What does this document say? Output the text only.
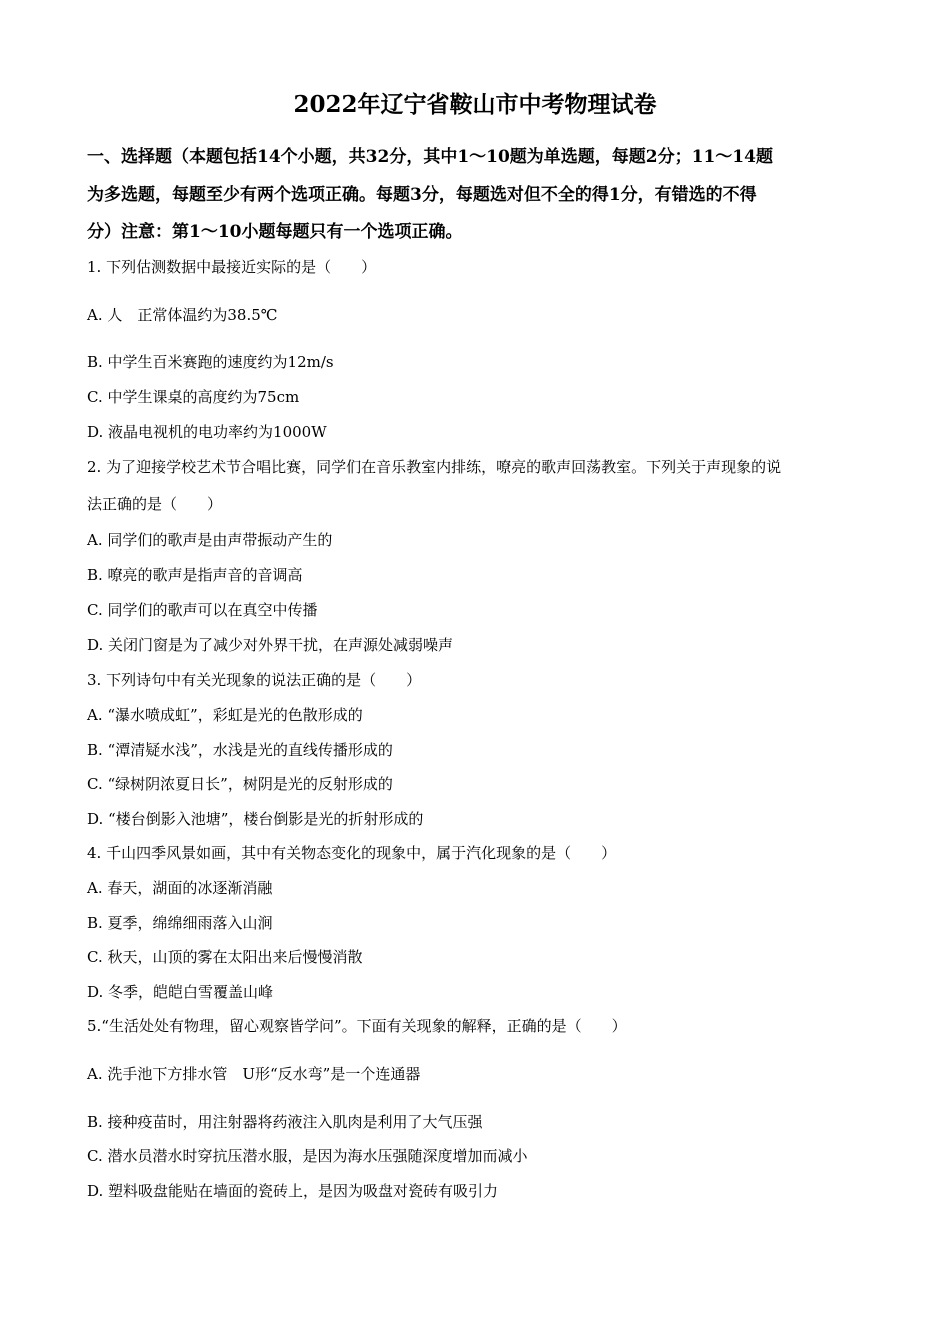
2022年辽宁省鞍山市中考物理试卷
一、选择题（本题包括14个小题，共32分，其中1～10题为单选题，每题2分；11～14题
为多选题，每题至少有两个选项正确。每题3分，每题选对但不全的得1分，有错选的不得
分）注意：第1～10小题每题只有一个选项正确。
1. 下列估测数据中最接近实际的是（　　）
A. 人　正常体温约为38.5℃
B. 中学生百米赛跑的速度约为12m/s
C. 中学生课桌的高度约为75cm
D. 液晶电视机的电功率约为1000W
2. 为了迎接学校艺术节合唱比赛，同学们在音乐教室内排练，嘹亮的歌声回荡教室。下列关于声现象的说
法正确的是（　　）
A. 同学们的歌声是由声带振动产生的
B. 嘹亮的歌声是指声音的音调高
C. 同学们的歌声可以在真空中传播
D. 关闭门窗是为了减少对外界干扰，在声源处减弱噪声
3. 下列诗句中有关光现象的说法正确的是（　　）
A. “瀑水喷成虹”，彩虹是光的色散形成的
B. “潭清疑水浅”，水浅是光的直线传播形成的
C. “绿树阴浓夏日长”，树阴是光的反射形成的
D. “楼台倒影入池塘”，楼台倒影是光的折射形成的
4. 千山四季风景如画，其中有关物态变化的现象中，属于汽化现象的是（　　）
A. 春天，湖面的冰逐渐消融
B. 夏季，绵绵细雨落入山涧
C. 秋天，山顶的雾在太阳出来后慢慢消散
D. 冬季，皑皑白雪覆盖山峰
5.“生活处处有物理，留心观察皆学问”。下面有关现象的解释，正确的是（　　）
A. 洗手池下方排水管　U形“反水弯”是一个连通器
B. 接种疫苗时，用注射器将药液注入肌肉是利用了大气压强
C. 潜水员潜水时穿抗压潜水服，是因为海水压强随深度增加而减小
D. 塑料吸盘能贴在墙面的瓷砖上，是因为吸盘对瓷砖有吸引力
